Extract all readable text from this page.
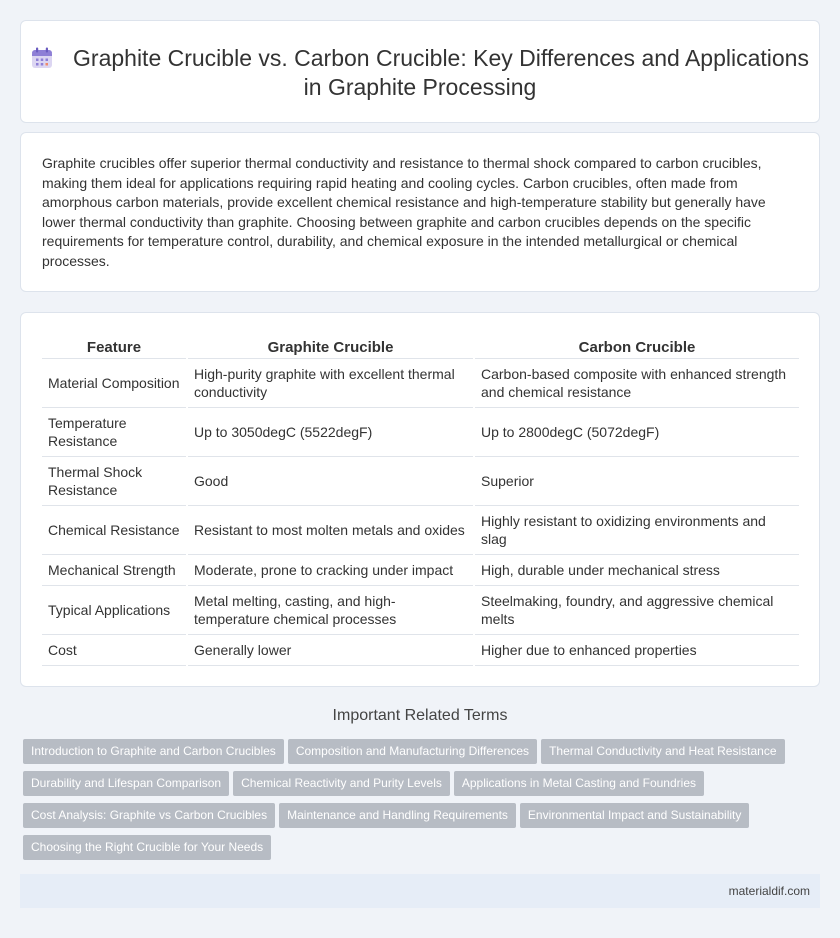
Graphite Crucible vs. Carbon Crucible: Key Differences and Applications in Graphite Processing

Graphite crucibles offer superior thermal conductivity and resistance to thermal shock compared to carbon crucibles, making them ideal for applications requiring rapid heating and cooling cycles. Carbon crucibles, often made from amorphous carbon materials, provide excellent chemical resistance and high-temperature stability but generally have lower thermal conductivity than graphite. Choosing between graphite and carbon crucibles depends on the specific requirements for temperature control, durability, and chemical exposure in the intended metallurgical or chemical processes.

Feature	Graphite Crucible	Carbon Crucible
Material Composition	High-purity graphite with excellent thermal conductivity	Carbon-based composite with enhanced strength and chemical resistance
Temperature Resistance	Up to 3050degC (5522degF)	Up to 2800degC (5072degF)
Thermal Shock Resistance	Good	Superior
Chemical Resistance	Resistant to most molten metals and oxides	Highly resistant to oxidizing environments and slag
Mechanical Strength	Moderate, prone to cracking under impact	High, durable under mechanical stress
Typical Applications	Metal melting, casting, and high-temperature chemical processes	Steelmaking, foundry, and aggressive chemical melts
Cost	Generally lower	Higher due to enhanced properties
Important Related Terms
Introduction to Graphite and Carbon Crucibles Composition and Manufacturing Differences Thermal Conductivity and Heat Resistance
Durability and Lifespan Comparison Chemical Reactivity and Purity Levels Applications in Metal Casting and Foundries
Cost Analysis: Graphite vs Carbon Crucibles Maintenance and Handling Requirements Environmental Impact and Sustainability
Choosing the Right Crucible for Your Needs
materialdif.com
